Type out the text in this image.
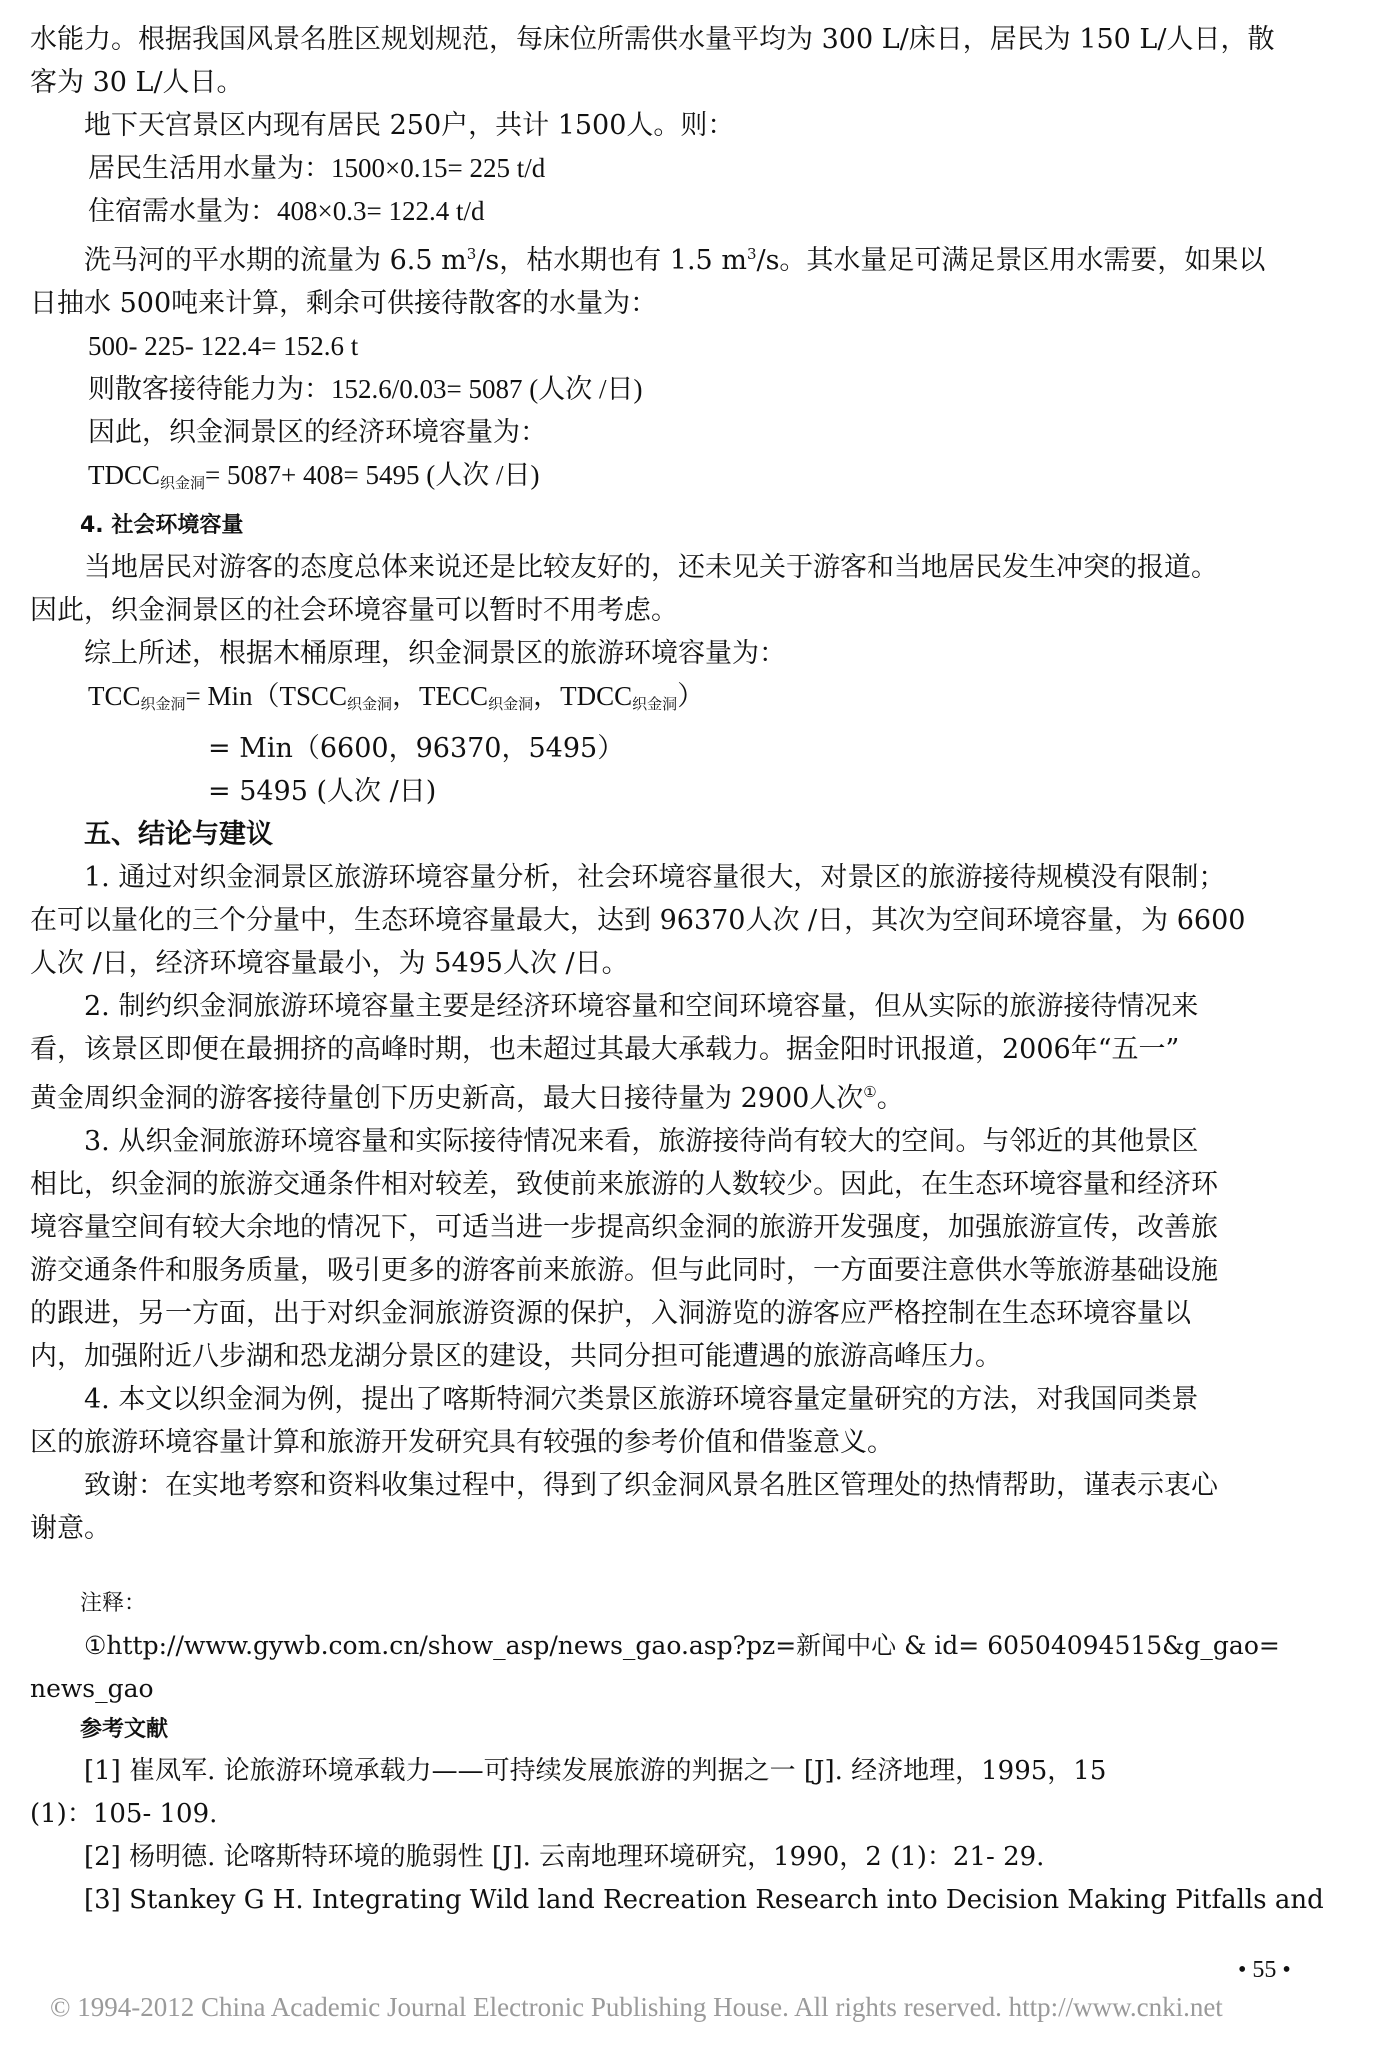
水能力。根据我国风景名胜区规划规范，每床位所需供水量平均为 300 L/床日，居民为 150 L/人日，散

客为 30 L/人日。

地下天宫景区内现有居民 250户，共计 1500人。则：

居民生活用水量为：1500×0.15= 225 t/d

住宿需水量为：408×0.3= 122.4 t/d

洗马河的平水期的流量为 6.5 $m^3/s$，枯水期也有 1.5 $m^3/s$。其水量足可满足景区用水需要，如果以

日抽水 500吨来计算，剩余可供接待散客的水量为：

500- 225- 122.4= 152.6 t

则散客接待能力为：152.6/0.03= 5087 (人次 /日)

因此，织金洞景区的经济环境容量为：

$TDCC_{织金洞}= 5087+ 408= 5495$ (人次 /日)

4. 社会环境容量

当地居民对游客的态度总体来说还是比较友好的，还未见关于游客和当地居民发生冲突的报道。

因此，织金洞景区的社会环境容量可以暂时不用考虑。

综上所述，根据木桶原理，织金洞景区的旅游环境容量为：

$TCC_{织金洞}=$ $Min(TSCC_{织金洞}$，$TECC_{织金洞}$，$TDCC_{织金洞}$）

= Min（6600，96370，5495）

= 5495 (人次 /日)

五、结论与建议

1. 通过对织金洞景区旅游环境容量分析，社会环境容量很大，对景区的旅游接待规模没有限制；

在可以量化的三个分量中，生态环境容量最大，达到 96370人次 /日，其次为空间环境容量，为 6600

人次 /日，经济环境容量最小，为 5495人次 /日。

2. 制约织金洞旅游环境容量主要是经济环境容量和空间环境容量，但从实际的旅游接待情况来

看，该景区即便在最拥挤的高峰时期，也未超过其最大承载力。据金阳时讯报道，2006年“五一”

黄金周织金洞的游客接待量创下历史新高，最大日接待量为 2900人次①。

3. 从织金洞旅游环境容量和实际接待情况来看，旅游接待尚有较大的空间。与邻近的其他景区

相比，织金洞的旅游交通条件相对较差，致使前来旅游的人数较少。因此，在生态环境容量和经济环

境容量空间有较大余地的情况下，可适当进一步提高织金洞的旅游开发强度，加强旅游宣传，改善旅

游交通条件和服务质量，吸引更多的游客前来旅游。但与此同时，一方面要注意供水等旅游基础设施

的跟进，另一方面，出于对织金洞旅游资源的保护，入洞游览的游客应严格控制在生态环境容量以

内，加强附近八步湖和恐龙湖分景区的建设，共同分担可能遭遇的旅游高峰压力。

4. 本文以织金洞为例，提出了喀斯特洞穴类景区旅游环境容量定量研究的方法，对我国同类景

区的旅游环境容量计算和旅游开发研究具有较强的参考价值和借鉴意义。

致谢：在实地考察和资料收集过程中，得到了织金洞风景名胜区管理处的热情帮助，谨表示衷心

谢意。

注释：

①http://www.gywb.com.cn/show_asp/news_gao.asp?pz=新闻中心 & id= 60504094515&g_gao=

news_gao

参考文献

[1] 崔凤军. 论旅游环境承载力——可持续发展旅游的判据之一 [J]. 经济地理，1995，15

(1)：105- 109.

[2] 杨明德. 论喀斯特环境的脆弱性 [J]. 云南地理环境研究，1990，2 (1)：21- 29.

[3] Stankey G H. Integrating Wild land Recreation Research into Decision Making Pitfalls and

• 55 •
© 1994-2012 China Academic Journal Electronic Publishing House. All rights reserved. http://www.cnki.net
